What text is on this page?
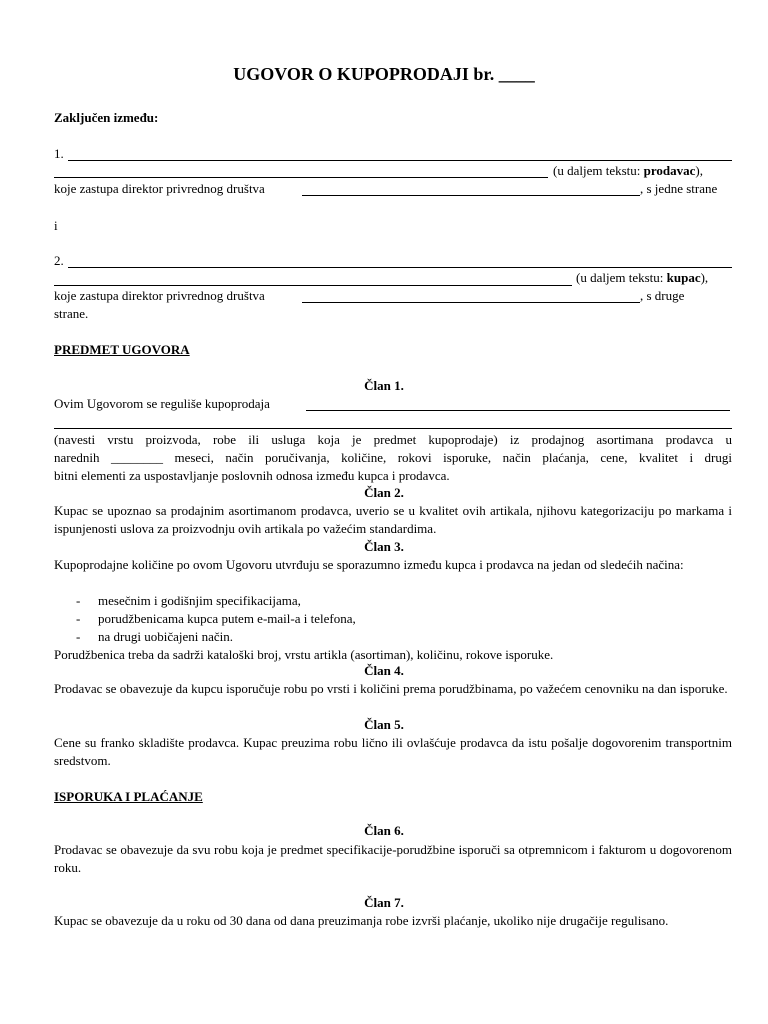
UGOVOR O KUPOPRODAJI br. ____
Zaključen između:
1.
(u daljem tekstu: prodavac),
koje zastupa direktor privrednog društva	, s jedne strane
i
2.
(u daljem tekstu: kupac),
koje zastupa direktor privrednog društva	, s druge
strane.
PREDMET UGOVORA
Član 1.
Ovim Ugovorom se reguliše kupoprodaja
(navesti vrstu proizvoda, robe ili usluga koja je predmet kupoprodaje) iz prodajnog asortimana prodavca u
narednih ________ meseci, način poručivanja, količine, rokovi isporuke, način plaćanja, cene, kvalitet i drugi
bitni elementi za uspostavljanje poslovnih odnosa između kupca i prodavca.
Član 2.
Kupac se upoznao sa prodajnim asortimanom prodavca, uverio se u kvalitet ovih artikala, njihovu kategorizaciju po markama i ispunjenosti uslova za proizvodnju ovih artikala po važećim standardima.
Član 3.
Kupoprodajne količine po ovom Ugovoru utvrđuju se sporazumno između kupca i prodavca na jedan od sledećih načina:
- mesečnim i godišnjim specifikacijama,
- porudžbenicama kupca putem e-mail-a i telefona,
- na drugi uobičajeni način.
Porudžbenica treba da sadrži kataloški broj, vrstu artikla (asortiman), količinu, rokove isporuke.
Član 4.
Prodavac se obavezuje da kupcu isporučuje robu po vrsti i količini prema porudžbinama, po važećem cenovniku na dan isporuke.
Član 5.
Cene su franko skladište prodavca. Kupac preuzima robu lično ili ovlašćuje prodavca da istu pošalje dogovorenim transportnim sredstvom.
ISPORUKA I PLAĆANJE
Član 6.
Prodavac se obavezuje da svu robu koja je predmet specifikacije-porudžbine isporuči sa otpremnicom i fakturom u dogovorenom roku.
Član 7.
Kupac se obavezuje da u roku od 30 dana od dana preuzimanja robe izvrši plaćanje, ukoliko nije drugačije regulisano.
